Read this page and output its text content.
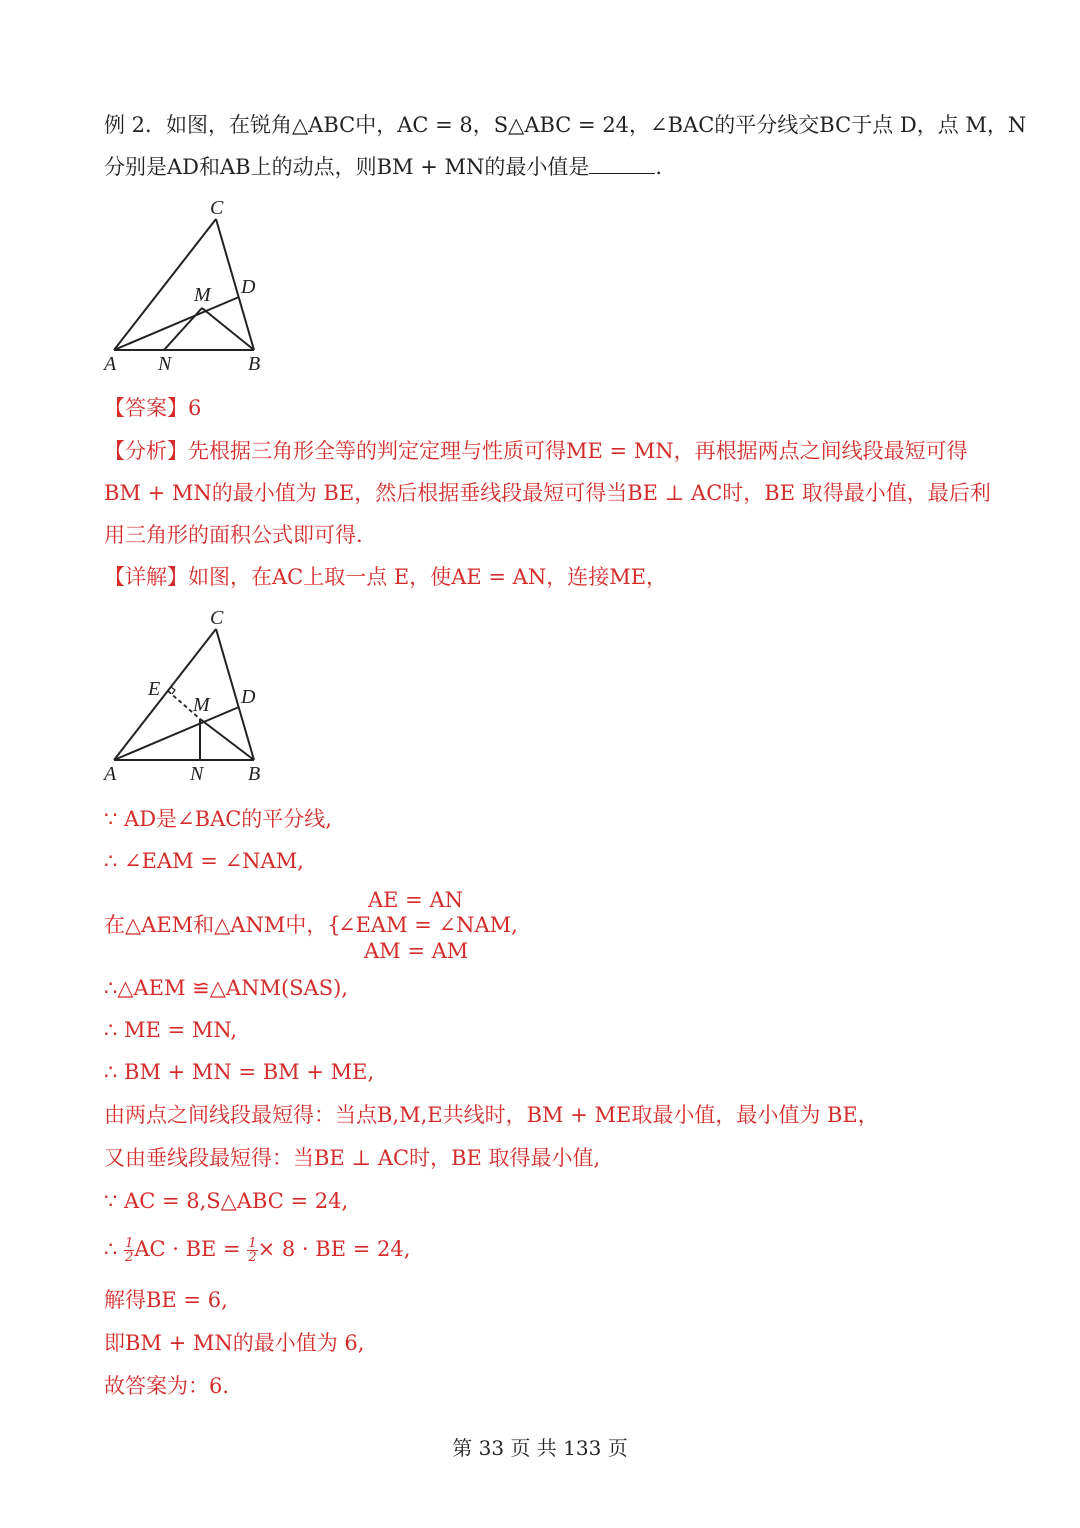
例 2．如图，在锐角△ABC中，AC = 8，S△ABC = 24，∠BAC的平分线交BC于点 D，点 M，N
分别是AD和AB上的动点，则BM + MN的最小值是	.
C
D
M
A N	B
【答案】6
【分析】先根据三角形全等的判定定理与性质可得ME = MN，再根据两点之间线段最短可得
BM + MN的最小值为 BE，然后根据垂线段最短可得当BE ⊥ AC时，BE 取得最小值，最后利
用三角形的面积公式即可得.
【详解】如图，在AC上取一点 E，使AE = AN，连接ME，
C
E
M D
A	N B
∵ AD是∠BAC的平分线,
∴ ∠EAM = ∠NAM,
在△AEM和△ANM中，{
AE = AN
∠EAM = ∠NAM,
AM = AM
∴△AEM ≌△ANM(SAS),
∴ ME = MN,
∴ BM + MN = BM + ME,
由两点之间线段最短得：当点B,M,E共线时，BM + ME取最小值，最小值为 BE，
又由垂线段最短得：当BE ⊥ AC时，BE 取得最小值,
∵ AC = 8,S△ABC = 24,
∴ $\frac{1}{2}$ AC · BE = $\frac{1}{2} \times 8$ · BE = 24,
解得BE = 6,
即BM + MN的最小值为 6,
故答案为：6.
第 33 页 共 133 页
